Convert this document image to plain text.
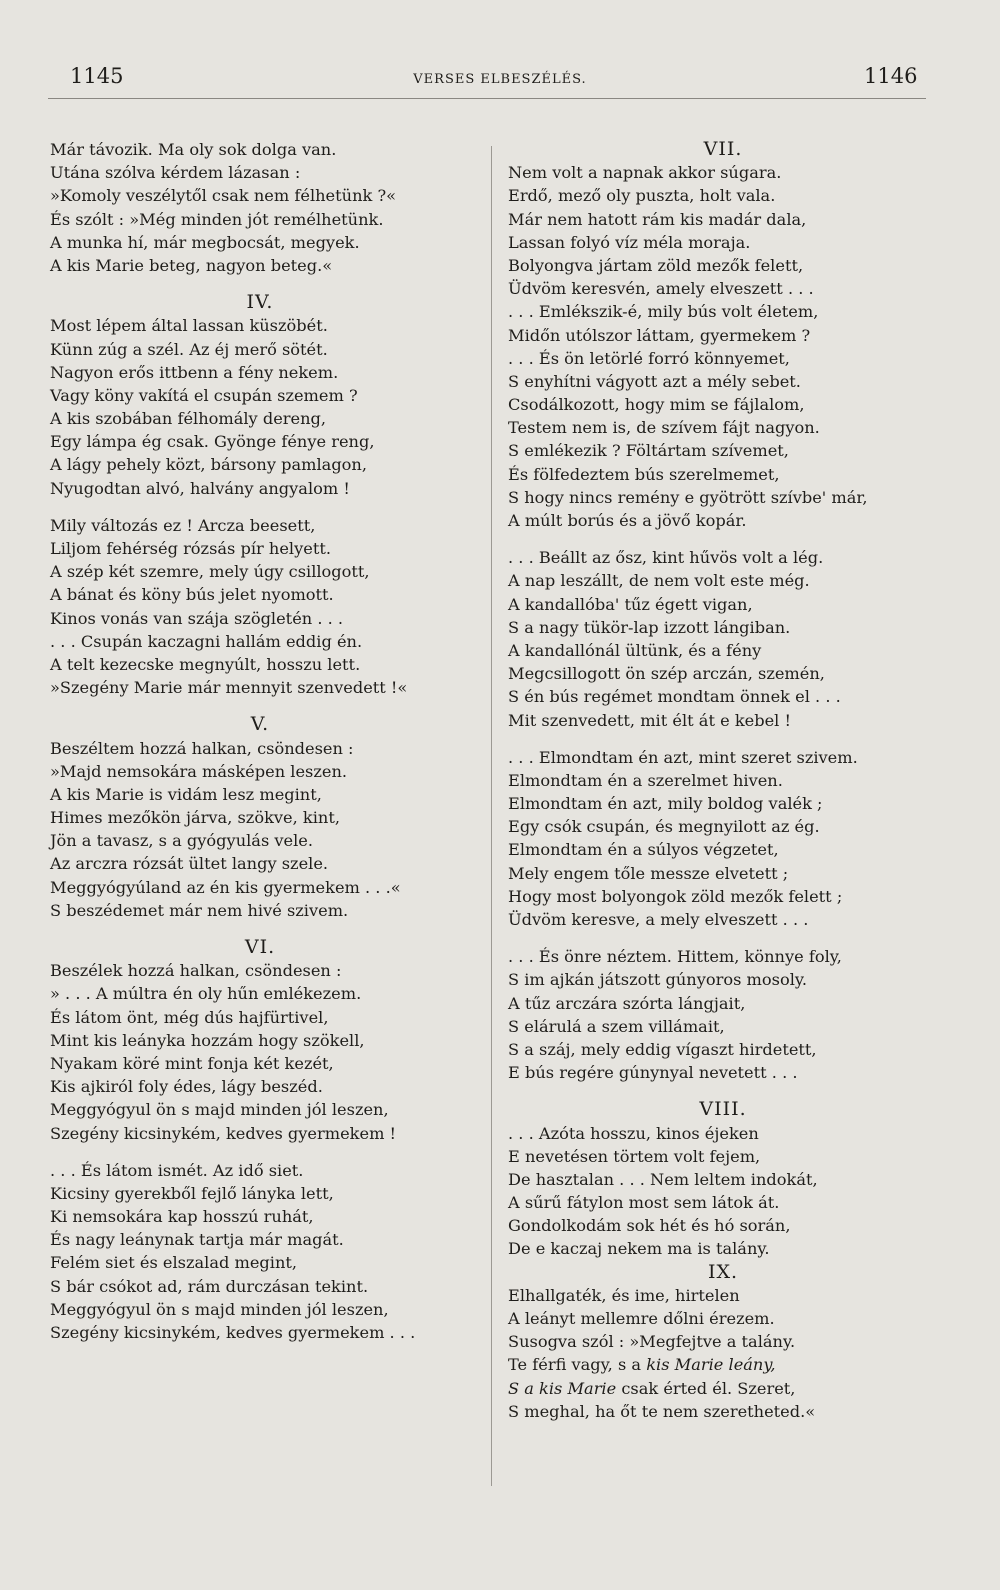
1145	VERSES ELBESZÉLÉS.	1146
Már távozik. Ma oly sok dolga van.
Utána szólva kérdem lázasan :
»Komoly veszélytől csak nem félhetünk ?«
És szólt : »Még minden jót remélhetünk.
A munka hí, már megbocsát, megyek.
A kis Marie beteg, nagyon beteg.«
IV.
Most lépem által lassan küszöbét.
Künn zúg a szél. Az éj merő sötét.
Nagyon erős ittbenn a fény nekem.
Vagy köny vakítá el csupán szemem ?
A kis szobában félhomály dereng,
Egy lámpa ég csak. Gyönge fénye reng,
A lágy pehely közt, bársony pamlagon,
Nyugodtan alvó, halvány angyalom !
Mily változás ez ! Arcza beesett,
Liljom fehérség rózsás pír helyett.
A szép két szemre, mely úgy csillogott,
A bánat és köny bús jelet nyomott.
Kinos vonás van szája szögletén . . .
. . . Csupán kaczagni hallám eddig én.
A telt kezecske megnyúlt, hosszu lett.
»Szegény Marie már mennyit szenvedett !«
V.
Beszéltem hozzá halkan, csöndesen :
»Majd nemsokára másképen leszen.
A kis Marie is vidám lesz megint,
Himes mezőkön járva, szökve, kint,
Jön a tavasz, s a gyógyulás vele.
Az arczra rózsát ültet langy szele.
Meggyógyúland az én kis gyermekem . . .«
S beszédemet már nem hivé szivem.
VI.
Beszélek hozzá halkan, csöndesen :
» . . . A múltra én oly hűn emlékezem.
És látom önt, még dús hajfürtivel,
Mint kis leányka hozzám hogy szökell,
Nyakam köré mint fonja két kezét,
Kis ajkiról foly édes, lágy beszéd.
Meggyógyul ön s majd minden jól leszen,
Szegény kicsinykém, kedves gyermekem !
. . . És látom ismét. Az idő siet.
Kicsiny gyerekből fejlő lányka lett,
Ki nemsokára kap hosszú ruhát,
És nagy leánynak tartja már magát.
Felém siet és elszalad megint,
S bár csókot ad, rám durczásan tekint.
Meggyógyul ön s majd minden jól leszen,
Szegény kicsinykém, kedves gyermekem . . .
VII.
Nem volt a napnak akkor súgara.
Erdő, mező oly puszta, holt vala.
Már nem hatott rám kis madár dala,
Lassan folyó víz méla moraja.
Bolyongva jártam zöld mezők felett,
Üdvöm keresvén, amely elveszett . . .
. . . Emlékszik-é, mily bús volt életem,
Midőn utólszor láttam, gyermekem ?
. . . És ön letörlé forró könnyemet,
S enyhítni vágyott azt a mély sebet.
Csodálkozott, hogy mim se fájlalom,
Testem nem is, de szívem fájt nagyon.
S emlékezik ? Föltártam szívemet,
És fölfedeztem bús szerelmemet,
S hogy nincs remény e gyötrött szívbe' már,
A múlt borús és a jövő kopár.
. . . Beállt az ősz, kint hűvös volt a lég.
A nap leszállt, de nem volt este még.
A kandallóba' tűz égett vigan,
S a nagy tükör-lap izzott lángiban.
A kandallónál ültünk, és a fény
Megcsillogott ön szép arczán, szemén,
S én bús regémet mondtam önnek el . . .
Mit szenvedett, mit élt át e kebel !
. . . Elmondtam én azt, mint szeret szivem.
Elmondtam én a szerelmet hiven.
Elmondtam én azt, mily boldog valék ;
Egy csók csupán, és megnyilott az ég.
Elmondtam én a súlyos végzetet,
Mely engem tőle messze elvetett ;
Hogy most bolyongok zöld mezők felett ;
Üdvöm keresve, a mely elveszett . . .
. . . És önre néztem. Hittem, könnye foly,
S im ajkán játszott gúnyoros mosoly.
A tűz arczára szórta lángjait,
S elárulá a szem villámait,
S a száj, mely eddig vígaszt hirdetett,
E bús regére gúnynyal nevetett . . .
VIII.
. . . Azóta hosszu, kinos éjeken
E nevetésen törtem volt fejem,
De hasztalan . . . Nem leltem indokát,
A sűrű fátylon most sem látok át.
Gondolkodám sok hét és hó során,
De e kaczaj nekem ma is talány.
IX.
Elhallgaték, és ime, hirtelen
A leányt mellemre dőlni érezem.
Susogva szól : »Megfejtve a talány.
Te férfi vagy, s a kis Marie leány,
S a kis Marie csak érted él. Szeret,
S meghal, ha őt te nem szeretheted.«
